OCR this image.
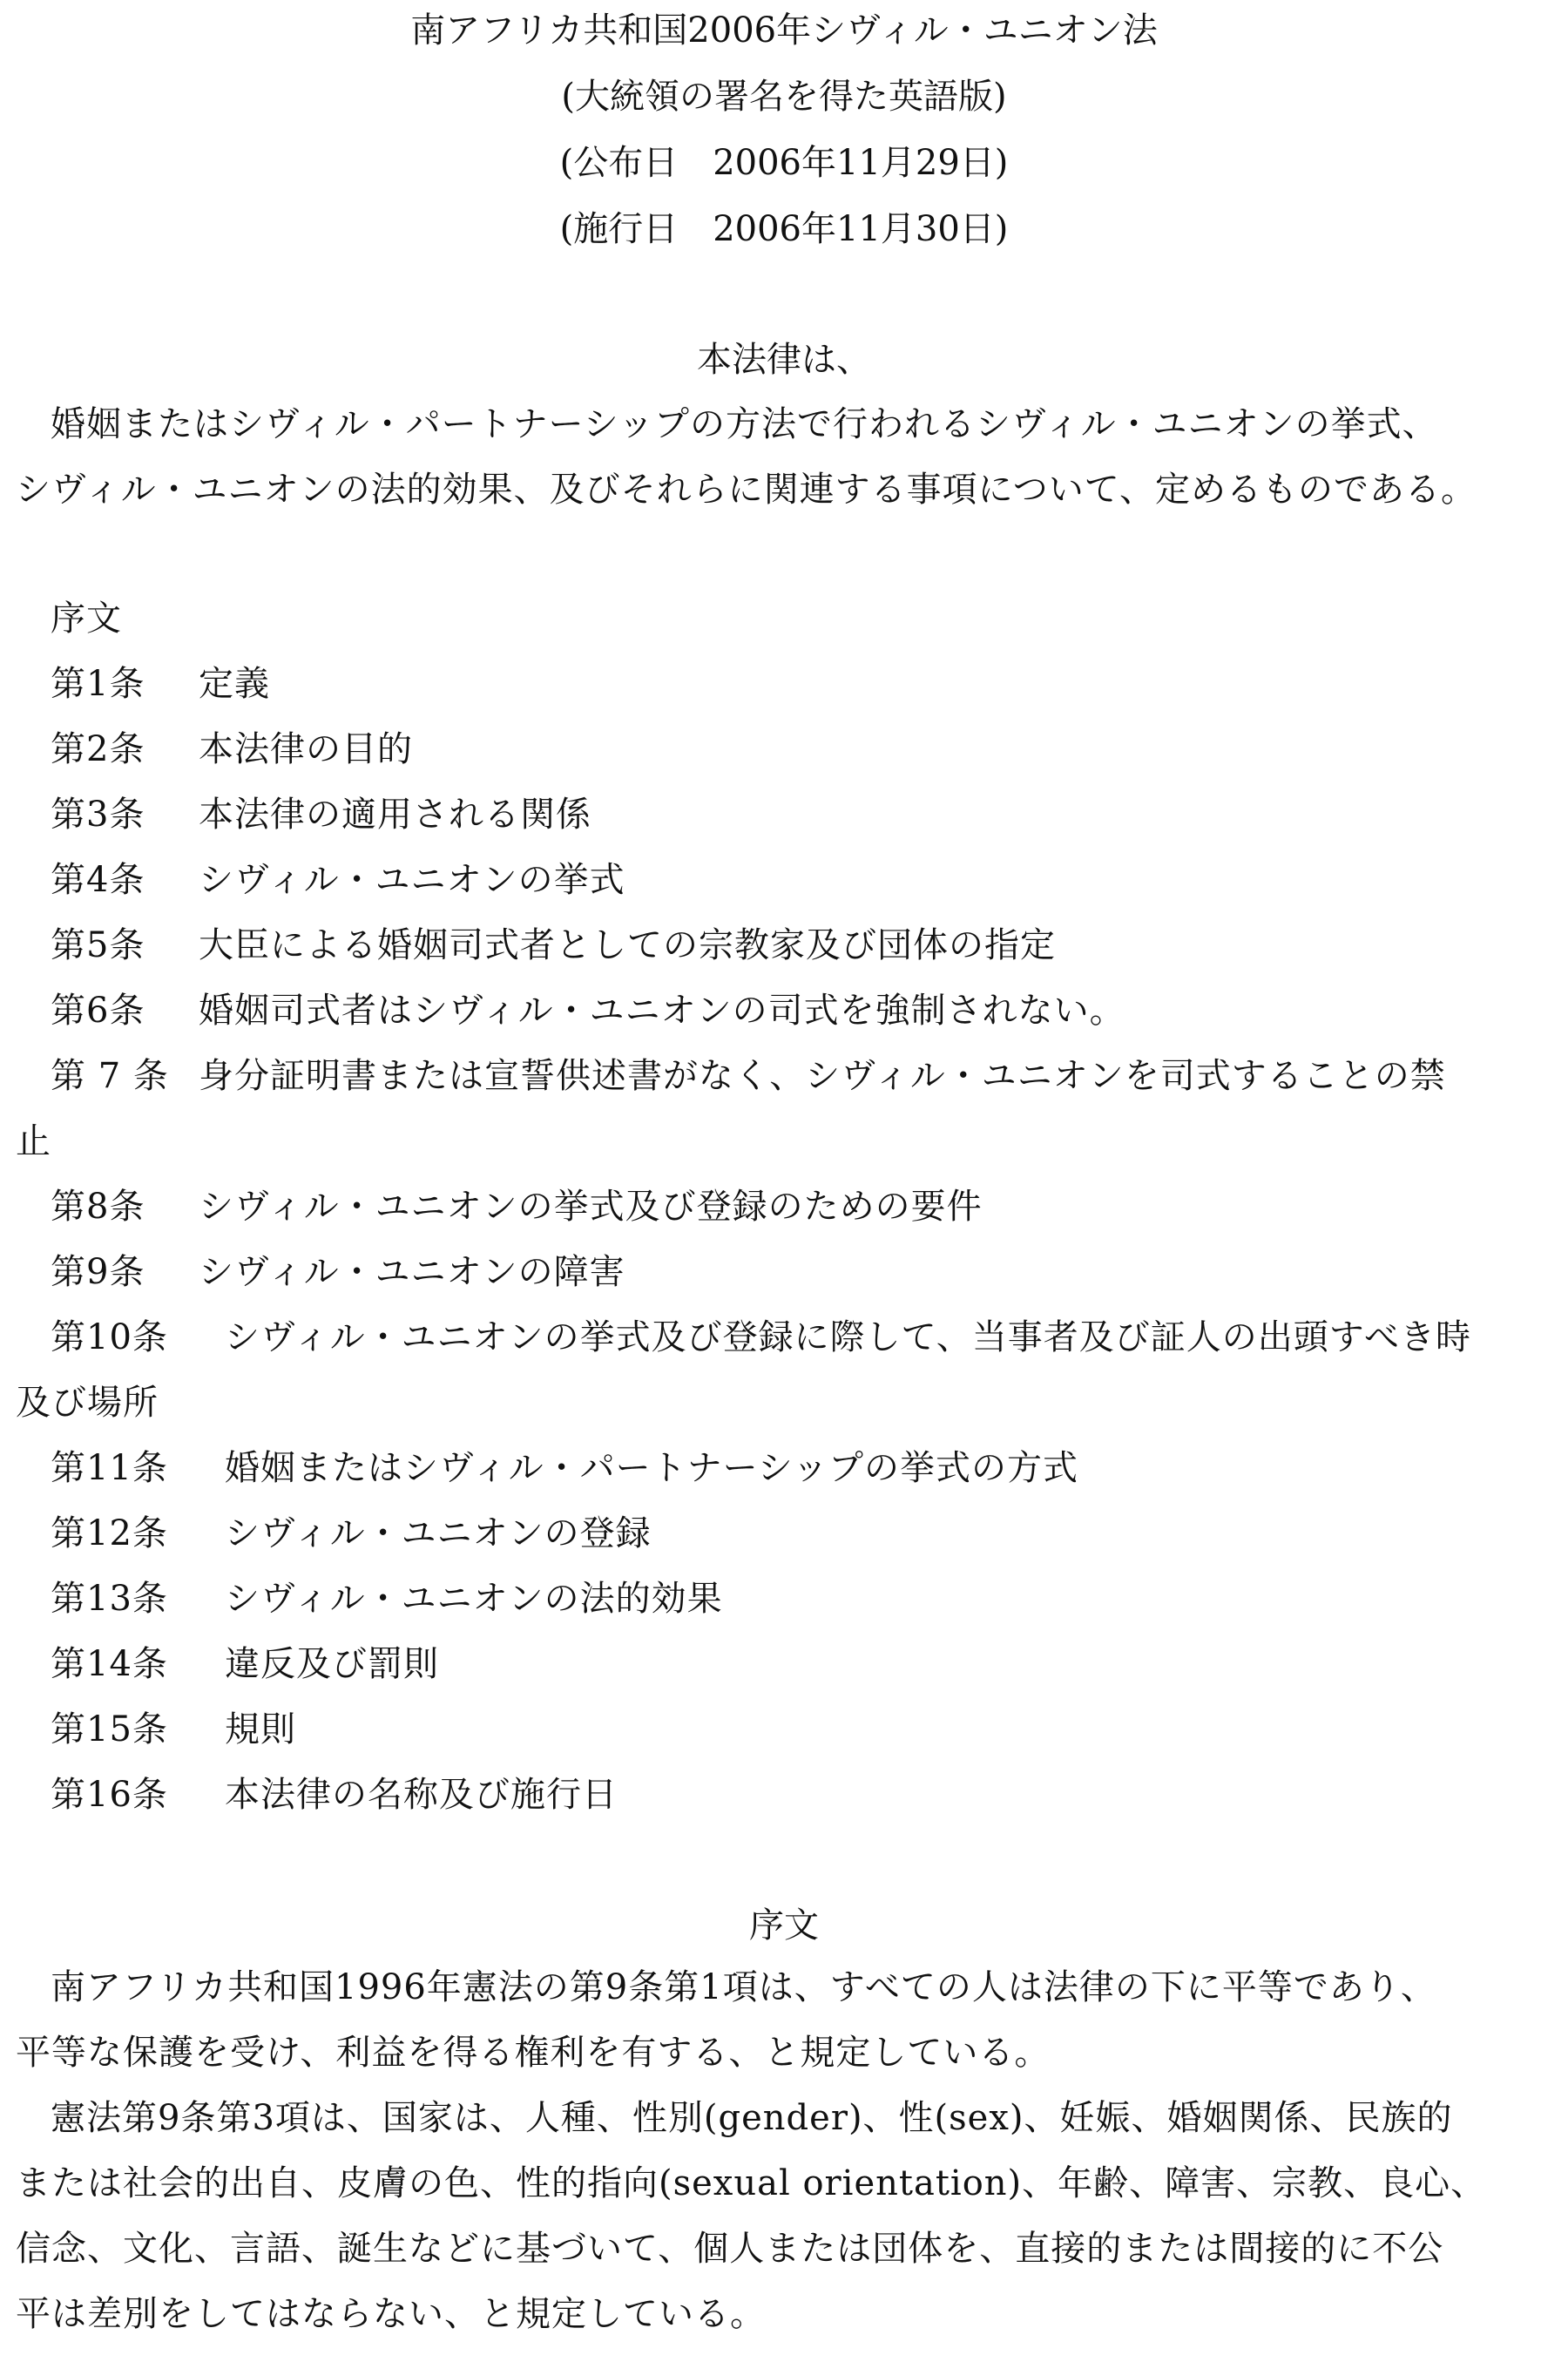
南アフリカ共和国2006年シヴィル・ユニオン法
(大統領の署名を得た英語版)
(公布日　2006年11月29日)
(施行日　2006年11月30日)
本法律は、
婚姻またはシヴィル・パートナーシップの方法で行われるシヴィル・ユニオンの挙式、
シヴィル・ユニオンの法的効果、及びそれらに関連する事項について、定めるものである。
序文
第1条 定義
第2条 本法律の目的
第3条 本法律の適用される関係
第4条 シヴィル・ユニオンの挙式
第5条 大臣による婚姻司式者としての宗教家及び団体の指定
第6条 婚姻司式者はシヴィル・ユニオンの司式を強制されない。
第 7 条 身分証明書または宣誓供述書がなく、シヴィル・ユニオンを司式することの禁
止
第8条 シヴィル・ユニオンの挙式及び登録のための要件
第9条 シヴィル・ユニオンの障害
第10条 シヴィル・ユニオンの挙式及び登録に際して、当事者及び証人の出頭すべき時
及び場所
第11条 婚姻またはシヴィル・パートナーシップの挙式の方式
第12条 シヴィル・ユニオンの登録
第13条 シヴィル・ユニオンの法的効果
第14条 違反及び罰則
第15条 規則
第16条 本法律の名称及び施行日
序文
南アフリカ共和国1996年憲法の第9条第1項は、すべての人は法律の下に平等であり、
平等な保護を受け、利益を得る権利を有する、と規定している。
憲法第9条第3項は、国家は、人種、性別(gender)、性(sex)、妊娠、婚姻関係、民族的
または社会的出自、皮膚の色、性的指向(sexual orientation)、年齢、障害、宗教、良心、
信念、文化、言語、誕生などに基づいて、個人または団体を、直接的または間接的に不公
平は差別をしてはならない、と規定している。
